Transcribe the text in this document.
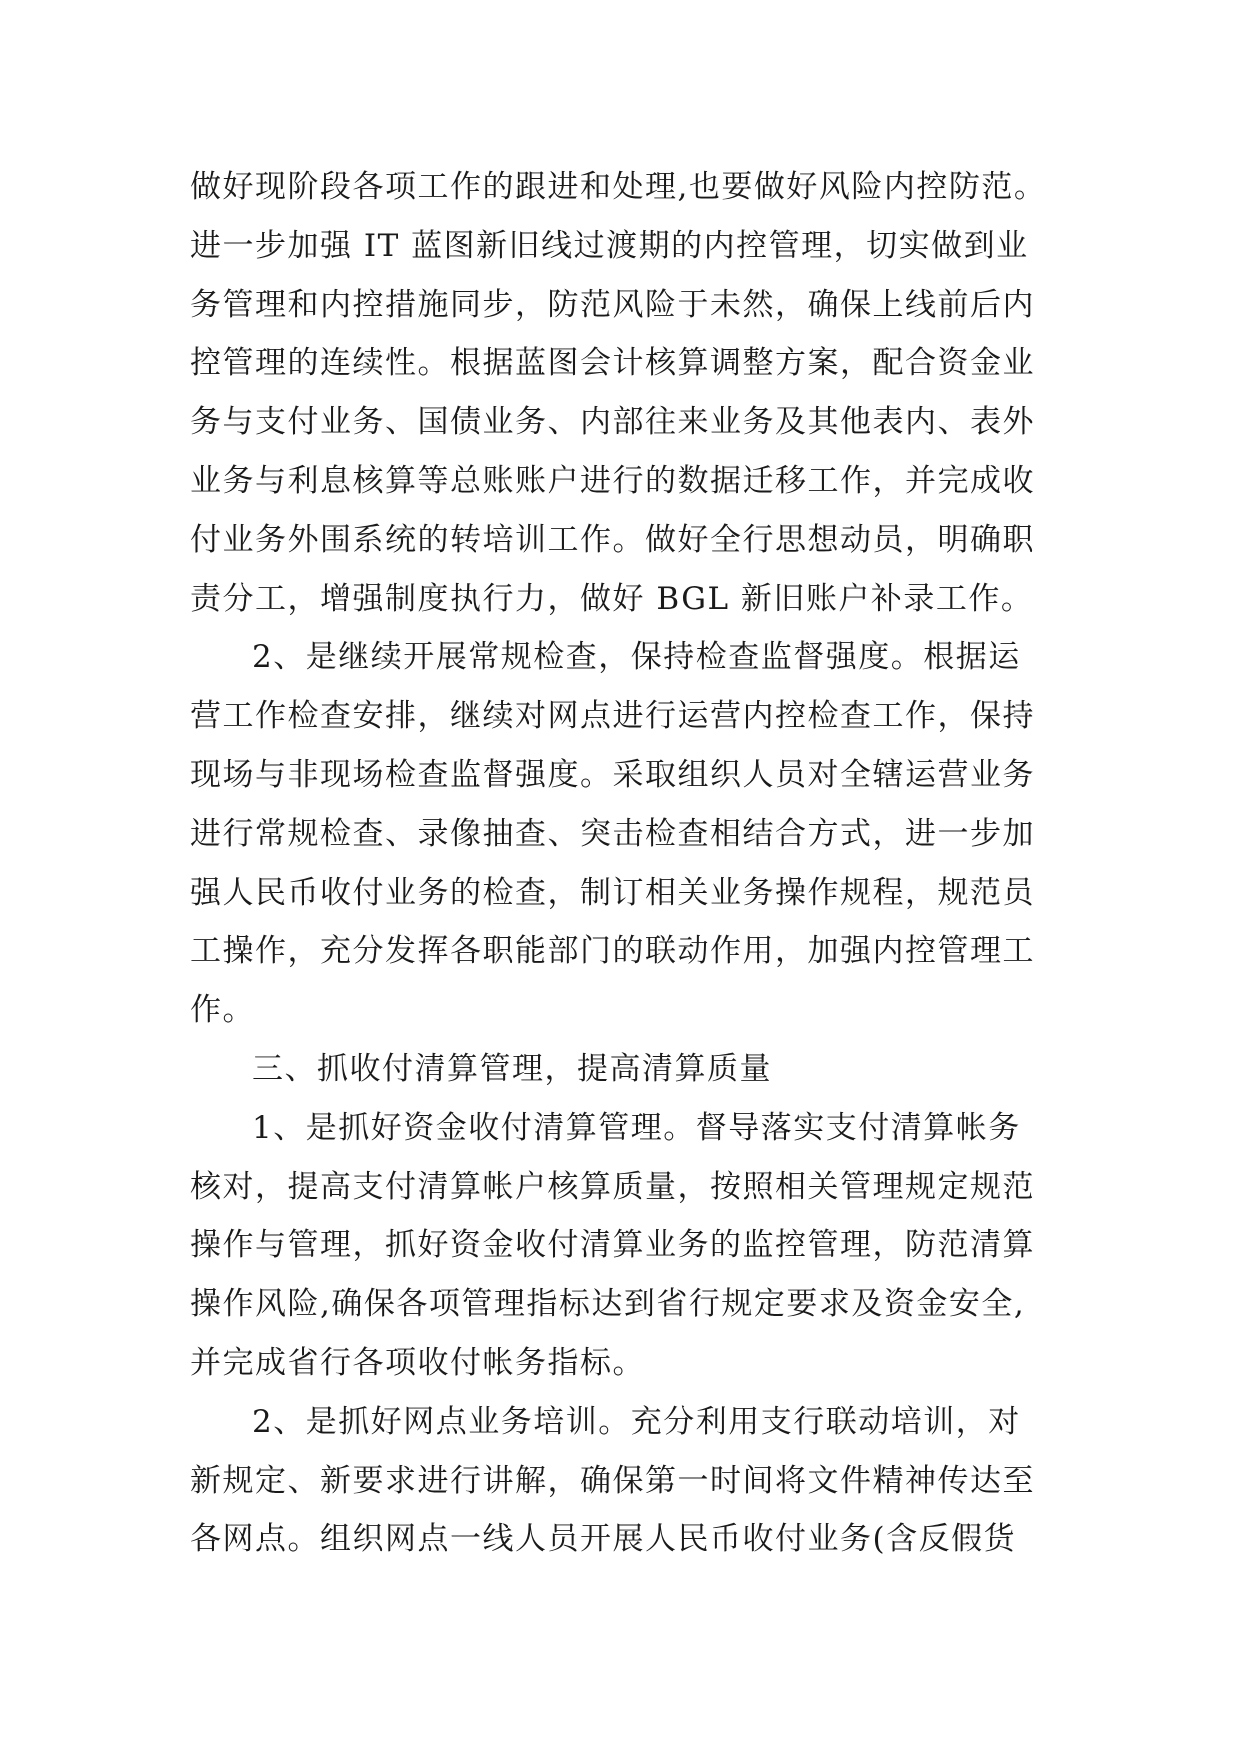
做好现阶段各项工作的跟进和处理,也要做好风险内控防范。
进一步加强 IT 蓝图新旧线过渡期的内控管理，切实做到业
务管理和内控措施同步，防范风险于未然，确保上线前后内
控管理的连续性。根据蓝图会计核算调整方案，配合资金业
务与支付业务、国债业务、内部往来业务及其他表内、表外
业务与利息核算等总账账户进行的数据迁移工作，并完成收
付业务外围系统的转培训工作。做好全行思想动员，明确职
责分工，增强制度执行力，做好 BGL 新旧账户补录工作。
2、是继续开展常规检查，保持检查监督强度。根据运
营工作检查安排，继续对网点进行运营内控检查工作，保持
现场与非现场检查监督强度。采取组织人员对全辖运营业务
进行常规检查、录像抽查、突击检查相结合方式，进一步加
强人民币收付业务的检查，制订相关业务操作规程，规范员
工操作，充分发挥各职能部门的联动作用，加强内控管理工
作。
三、抓收付清算管理，提高清算质量
1、是抓好资金收付清算管理。督导落实支付清算帐务
核对，提高支付清算帐户核算质量，按照相关管理规定规范
操作与管理，抓好资金收付清算业务的监控管理，防范清算
操作风险,确保各项管理指标达到省行规定要求及资金安全,
并完成省行各项收付帐务指标。
2、是抓好网点业务培训。充分利用支行联动培训，对
新规定、新要求进行讲解，确保第一时间将文件精神传达至
各网点。组织网点一线人员开展人民币收付业务(含反假货
